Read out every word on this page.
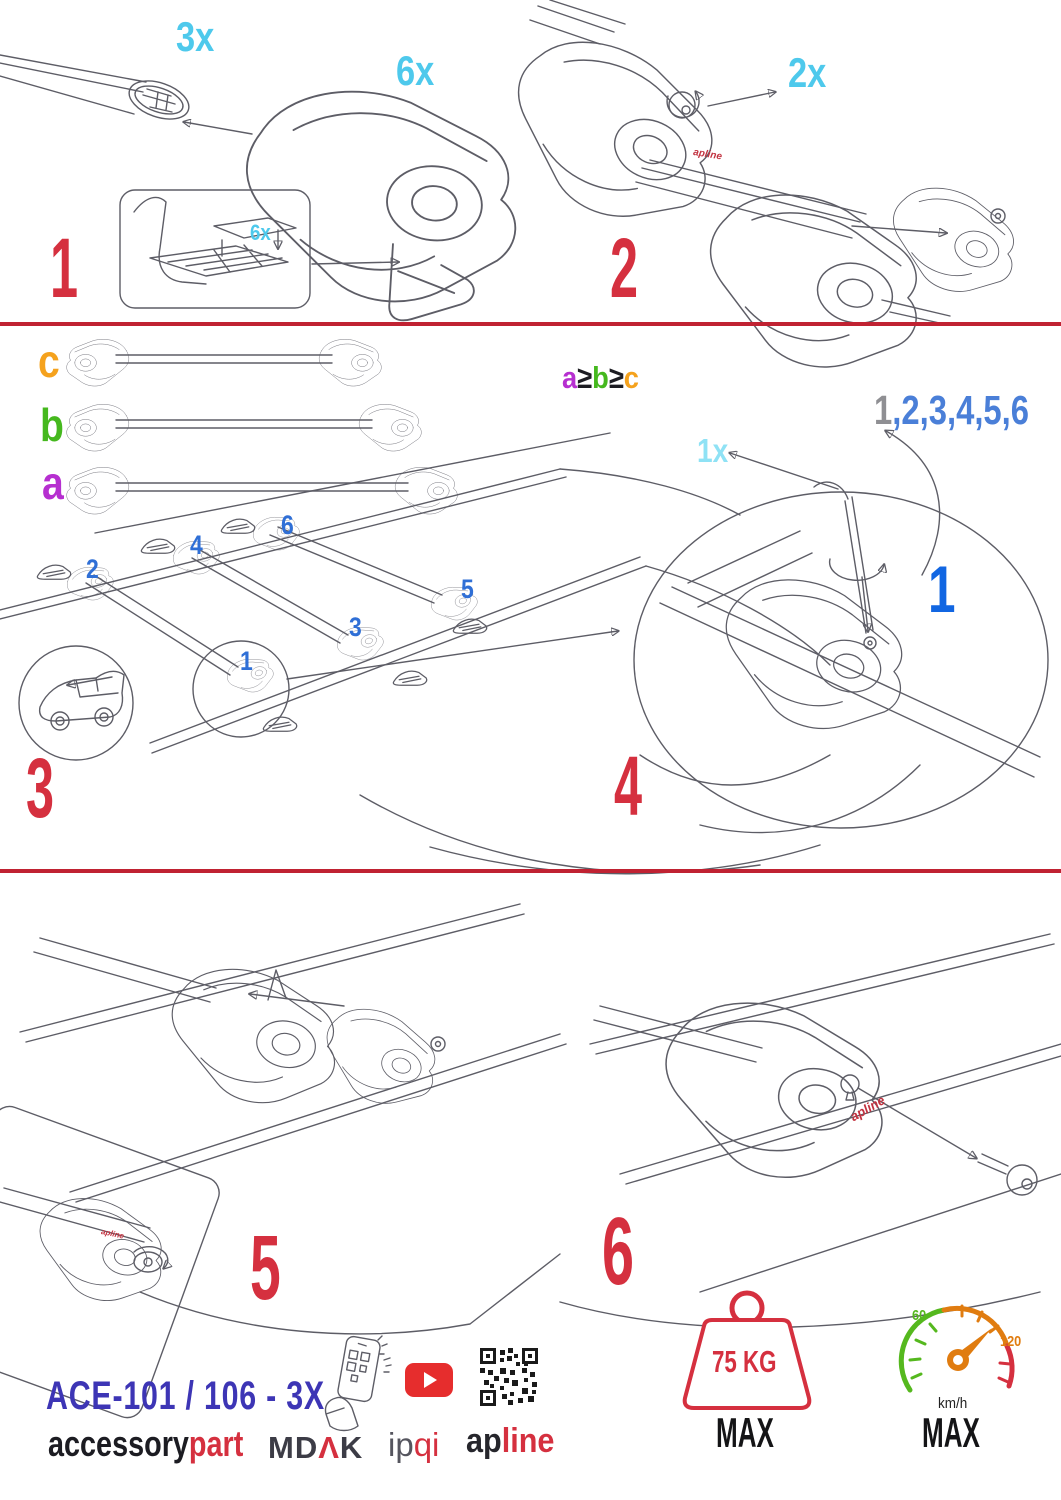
3x
6x
6x
1
2x
2
c
b
a
2
4
6
5
3
1
3
a≥b≥c
1,2,3,4,5,6
1x
1
4
5	6
apline
apline
apline
ACE-101 / 106 - 3X
accessorypart MDΛK ipqi apline
75 KG
MAX
60
120
km/h
MAX
